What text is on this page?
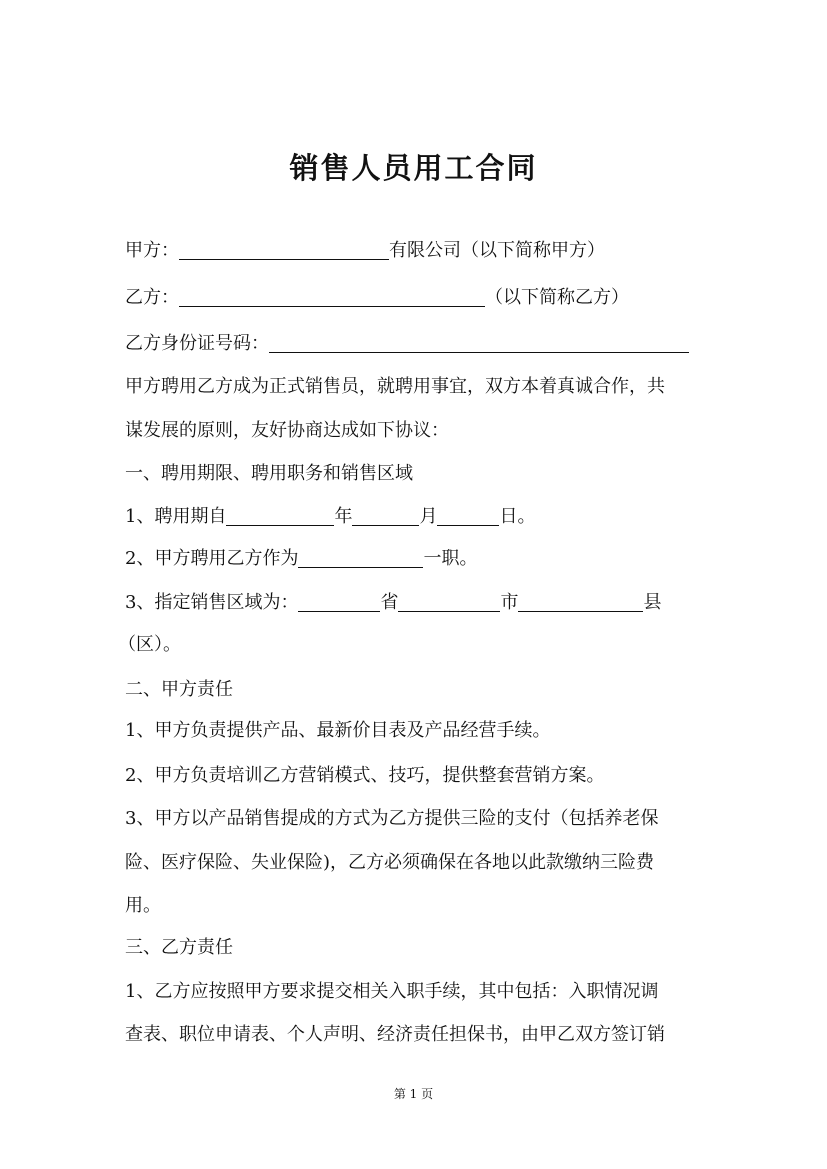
销售人员用工合同
甲方：	有限公司（以下简称甲方）
乙方：	（以下简称乙方）
乙方身份证号码：
甲方聘用乙方成为正式销售员，就聘用事宜，双方本着真诚合作，共
谋发展的原则，友好协商达成如下协议：
一、聘用期限、聘用职务和销售区域
1、聘用期自	年	月	日。
2、甲方聘用乙方作为	一职。
3、指定销售区域为：	省	市	县
（区）。
二、甲方责任
1、甲方负责提供产品、最新价目表及产品经营手续。
2、甲方负责培训乙方营销模式、技巧，提供整套营销方案。
3、甲方以产品销售提成的方式为乙方提供三险的支付（包括养老保
险、医疗保险、失业保险)，乙方必须确保在各地以此款缴纳三险费
用。
三、乙方责任
1、乙方应按照甲方要求提交相关入职手续，其中包括：入职情况调
查表、职位申请表、个人声明、经济责任担保书，由甲乙双方签订销
第 1 页
